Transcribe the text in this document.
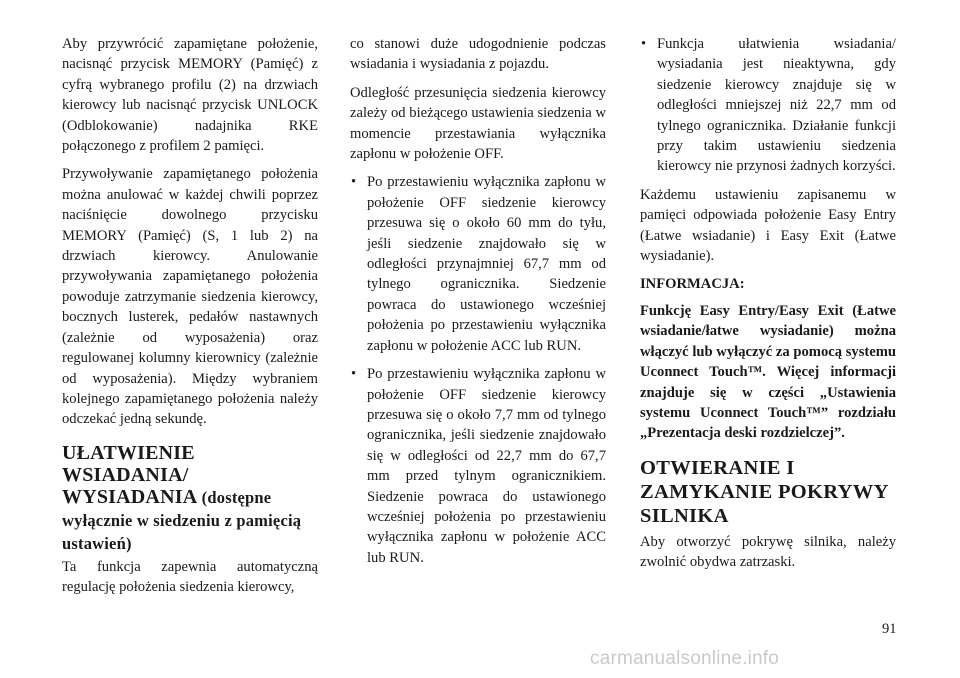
Aby przywrócić zapamiętane położenie, nacisnąć przycisk MEMORY (Pamięć) z cyfrą wybranego profilu (2) na drzwiach kierowcy lub nacisnąć przycisk UNLOCK (Odblokowanie) nadajnika RKE połączonego z profilem 2 pamięci.

Przywoływanie zapamiętanego położenia można anulować w każdej chwili poprzez naciśnięcie dowolnego przycisku MEMORY (Pamięć) (S, 1 lub 2) na drzwiach kierowcy. Anulowanie przywoływania zapamiętanego położenia powoduje zatrzymanie siedzenia kierowcy, bocznych lusterek, pedałów nastawnych (zależnie od wyposażenia) oraz regulowanej kolumny kierownicy (zależnie od wyposażenia). Między wybraniem kolejnego zapamiętanego położenia należy odczekać jedną sekundę.

UŁATWIENIE WSIADANIA/ WYSIADANIA (dostępne wyłącznie w siedzeniu z pamięcią ustawień)

Ta funkcja zapewnia automatyczną regulację położenia siedzenia kierowcy,

co stanowi duże udogodnienie podczas wsiadania i wysiadania z pojazdu.

Odległość przesunięcia siedzenia kierowcy zależy od bieżącego ustawienia siedzenia w momencie przestawiania wyłącznika zapłonu w położenie OFF.

• Po przestawieniu wyłącznika zapłonu w położenie OFF siedzenie kierowcy przesuwa się o około 60 mm do tyłu, jeśli siedzenie znajdowało się w odległości przynajmniej 67,7 mm od tylnego ogranicznika. Siedzenie powraca do ustawionego wcześniej położenia po przestawieniu wyłącznika zapłonu w położenie ACC lub RUN.
• Po przestawieniu wyłącznika zapłonu w położenie OFF siedzenie kierowcy przesuwa się o około 7,7 mm od tylnego ogranicznika, jeśli siedzenie znajdowało się w odległości od 22,7 mm do 67,7 mm przed tylnym ogranicznikiem. Siedzenie powraca do ustawionego wcześniej położenia po przestawieniu wyłącznika zapłonu w położenie ACC lub RUN.
• Funkcja ułatwienia wsiadania/ wysiadania jest nieaktywna, gdy siedzenie kierowcy znajduje się w odległości mniejszej niż 22,7 mm od tylnego ogranicznika. Działanie funkcji przy takim ustawieniu siedzenia kierowcy nie przynosi żadnych korzyści.

Każdemu ustawieniu zapisanemu w pamięci odpowiada położenie Easy Entry (Łatwe wsiadanie) i Easy Exit (Łatwe wysiadanie).

INFORMACJA:

Funkcję Easy Entry/Easy Exit (Łatwe wsiadanie/łatwe wysiadanie) można włączyć lub wyłączyć za pomocą systemu Uconnect Touch™. Więcej informacji znajduje się w części „Ustawienia systemu Uconnect Touch™” rozdziału „Prezentacja deski rozdzielczej”.

OTWIERANIE I ZAMYKANIE POKRYWY SILNIKA

Aby otworzyć pokrywę silnika, należy zwolnić obydwa zatrzaski.

91
carmanualsonline.info
